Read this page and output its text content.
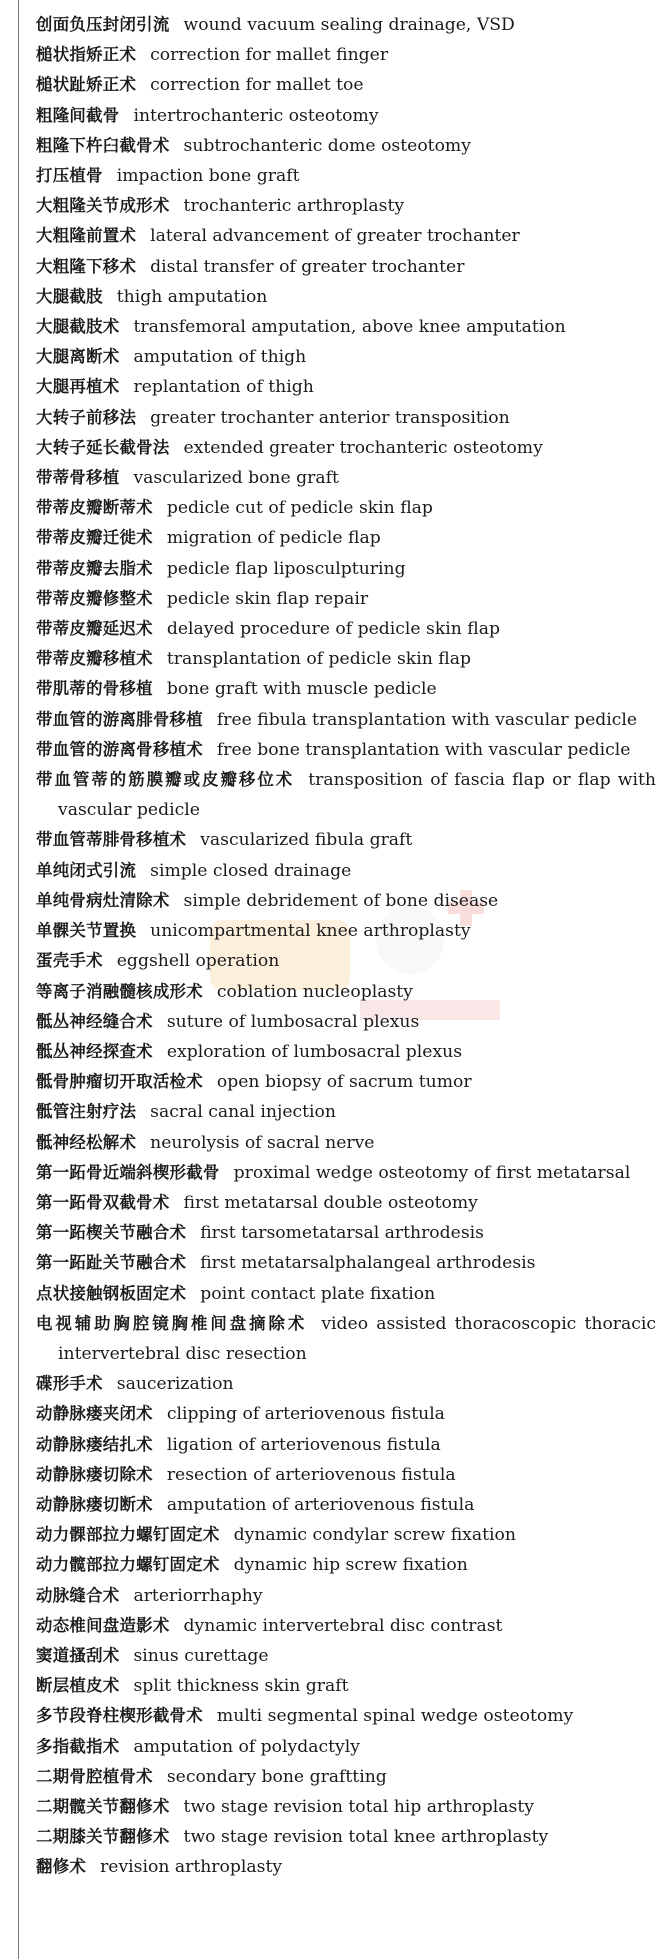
创面负压封闭引流 wound vacuum sealing drainage, VSD
槌状指矫正术 correction for mallet finger
槌状趾矫正术 correction for mallet toe
粗隆间截骨 intertrochanteric osteotomy
粗隆下杵臼截骨术 subtrochanteric dome osteotomy
打压植骨 impaction bone graft
大粗隆关节成形术 trochanteric arthroplasty
大粗隆前置术 lateral advancement of greater trochanter
大粗隆下移术 distal transfer of greater trochanter
大腿截肢 thigh amputation
大腿截肢术 transfemoral amputation, above knee amputation
大腿离断术 amputation of thigh
大腿再植术 replantation of thigh
大转子前移法 greater trochanter anterior transposition
大转子延长截骨法 extended greater trochanteric osteotomy
带蒂骨移植 vascularized bone graft
带蒂皮瓣断蒂术 pedicle cut of pedicle skin flap
带蒂皮瓣迁徙术 migration of pedicle flap
带蒂皮瓣去脂术 pedicle flap liposculpturing
带蒂皮瓣修整术 pedicle skin flap repair
带蒂皮瓣延迟术 delayed procedure of pedicle skin flap
带蒂皮瓣移植术 transplantation of pedicle skin flap
带肌蒂的骨移植 bone graft with muscle pedicle
带血管的游离腓骨移植 free fibula transplantation with vascular pedicle
带血管的游离骨移植术 free bone transplantation with vascular pedicle
带血管蒂的筋膜瓣或皮瓣移位术 transposition of fascia flap or flap with vascular pedicle
带血管蒂腓骨移植术 vascularized fibula graft
单纯闭式引流 simple closed drainage
单纯骨病灶清除术 simple debridement of bone disease
单髁关节置换 unicompartmental knee arthroplasty
蛋壳手术 eggshell operation
等离子消融髓核成形术 coblation nucleoplasty
骶丛神经缝合术 suture of lumbosacral plexus
骶丛神经探查术 exploration of lumbosacral plexus
骶骨肿瘤切开取活检术 open biopsy of sacrum tumor
骶管注射疗法 sacral canal injection
骶神经松解术 neurolysis of sacral nerve
第一跖骨近端斜楔形截骨 proximal wedge osteotomy of first metatarsal
第一跖骨双截骨术 first metatarsal double osteotomy
第一跖楔关节融合术 first tarsometatarsal arthrodesis
第一跖趾关节融合术 first metatarsalphalangeal arthrodesis
点状接触钢板固定术 point contact plate fixation
电视辅助胸腔镜胸椎间盘摘除术 video assisted thoracoscopic thoracic intervertebral disc resection
碟形手术 saucerization
动静脉瘘夹闭术 clipping of arteriovenous fistula
动静脉瘘结扎术 ligation of arteriovenous fistula
动静脉瘘切除术 resection of arteriovenous fistula
动静脉瘘切断术 amputation of arteriovenous fistula
动力髁部拉力螺钉固定术 dynamic condylar screw fixation
动力髋部拉力螺钉固定术 dynamic hip screw fixation
动脉缝合术 arteriorrhaphy
动态椎间盘造影术 dynamic intervertebral disc contrast
窦道搔刮术 sinus curettage
断层植皮术 split thickness skin graft
多节段脊柱楔形截骨术 multi segmental spinal wedge osteotomy
多指截指术 amputation of polydactyly
二期骨腔植骨术 secondary bone graftting
二期髋关节翻修术 two stage revision total hip arthroplasty
二期膝关节翻修术 two stage revision total knee arthroplasty
翻修术 revision arthroplasty
